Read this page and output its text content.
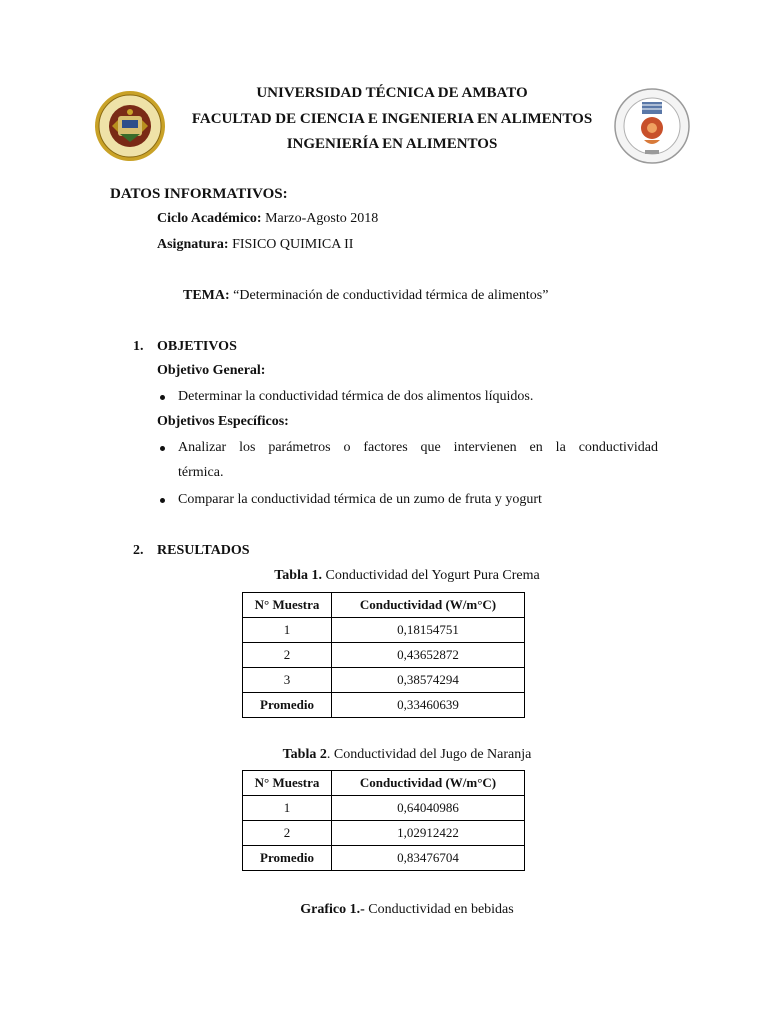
UNIVERSIDAD TÉCNICA DE AMBATO
FACULTAD DE CIENCIA E INGENIERIA EN ALIMENTOS
INGENIERÍA EN ALIMENTOS
DATOS INFORMATIVOS:
Ciclo Académico: Marzo-Agosto 2018
Asignatura: FISICO QUIMICA II
TEMA: “Determinación de conductividad térmica de alimentos”
1. OBJETIVOS
Objetivo General:
Determinar la conductividad térmica de dos alimentos líquidos.
Objetivos Específicos:
Analizar los parámetros o factores que intervienen en la conductividad
térmica.
Comparar la conductividad térmica de un zumo de fruta y yogurt
2. RESULTADOS
Tabla 1. Conductividad del Yogurt Pura Crema
N° Muestra	Conductividad (W/m°C)
1	0,18154751
2	0,43652872
3	0,38574294
Promedio	0,33460639
Tabla 2. Conductividad del Jugo de Naranja
N° Muestra	Conductividad (W/m°C)
1	0,64040986
2	1,02912422
Promedio	0,83476704
Grafico 1.- Conductividad en bebidas
